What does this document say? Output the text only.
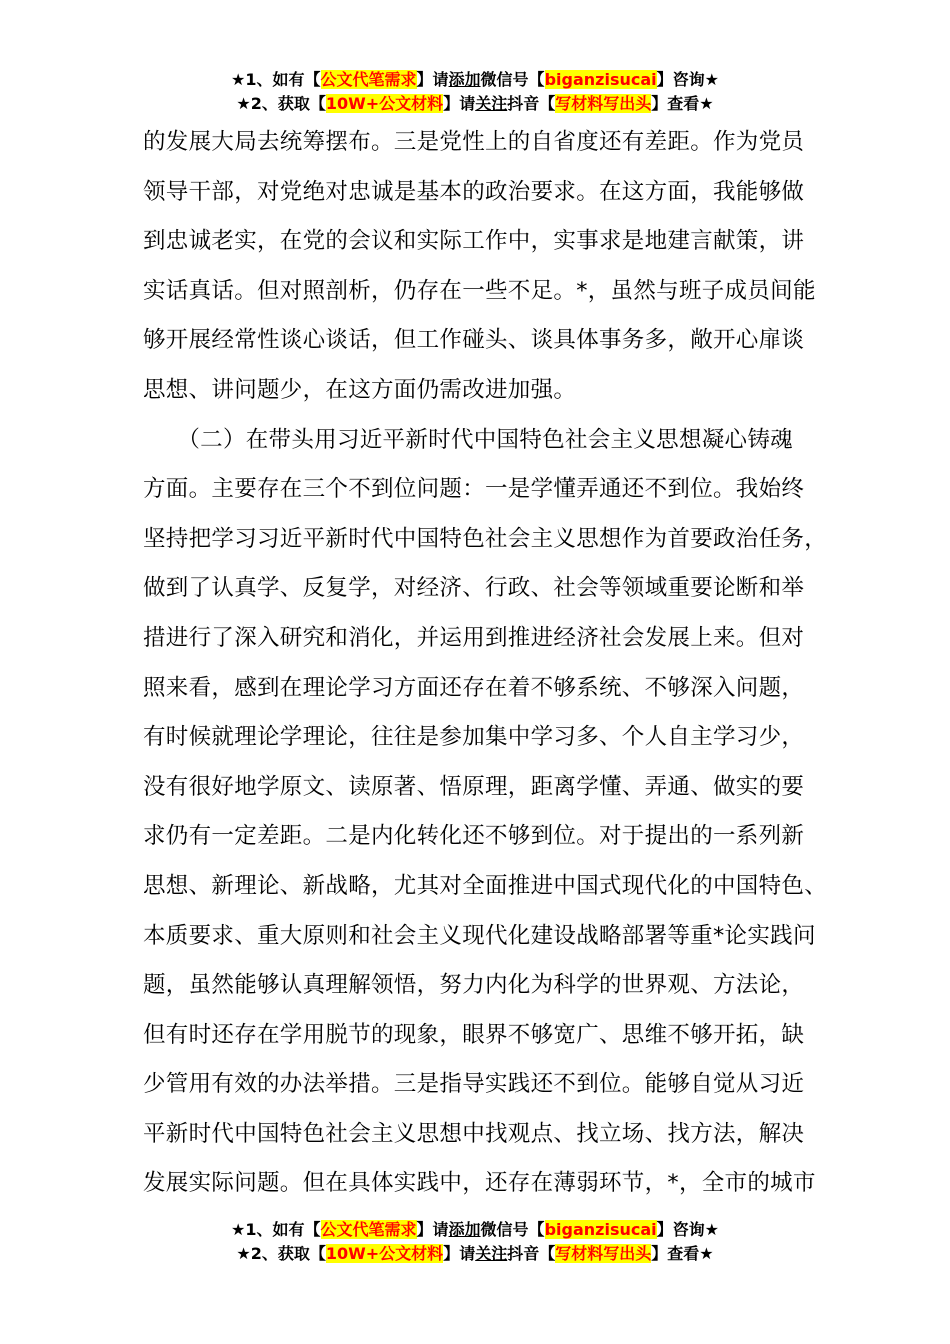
★1、如有【公文代笔需求】请添加微信号【biganzisucai】咨询★
★2、获取【10W+公文材料】请关注抖音【写材料写出头】查看★
的发展大局去统筹摆布。三是党性上的自省度还有差距。作为党员
领导干部，对党绝对忠诚是基本的政治要求。在这方面，我能够做
到忠诚老实，在党的会议和实际工作中，实事求是地建言献策，讲
实话真话。但对照剖析，仍存在一些不足。*，虽然与班子成员间能
够开展经常性谈心谈话，但工作碰头、谈具体事务多，敞开心扉谈
思想、讲问题少，在这方面仍需改进加强。
　　（二）在带头用习近平新时代中国特色社会主义思想凝心铸魂
方面。主要存在三个不到位问题：一是学懂弄通还不到位。我始终
坚持把学习习近平新时代中国特色社会主义思想作为首要政治任务，
做到了认真学、反复学，对经济、行政、社会等领域重要论断和举
措进行了深入研究和消化，并运用到推进经济社会发展上来。但对
照来看，感到在理论学习方面还存在着不够系统、不够深入问题，
有时候就理论学理论，往往是参加集中学习多、个人自主学习少，
没有很好地学原文、读原著、悟原理，距离学懂、弄通、做实的要
求仍有一定差距。二是内化转化还不够到位。对于提出的一系列新
思想、新理论、新战略，尤其对全面推进中国式现代化的中国特色、
本质要求、重大原则和社会主义现代化建设战略部署等重*论实践问
题，虽然能够认真理解领悟，努力内化为科学的世界观、方法论，
但有时还存在学用脱节的现象，眼界不够宽广、思维不够开拓，缺
少管用有效的办法举措。三是指导实践还不到位。能够自觉从习近
平新时代中国特色社会主义思想中找观点、找立场、找方法，解决
发展实际问题。但在具体实践中，还存在薄弱环节，*，全市的城市
★1、如有【公文代笔需求】请添加微信号【biganzisucai】咨询★
★2、获取【10W+公文材料】请关注抖音【写材料写出头】查看★
